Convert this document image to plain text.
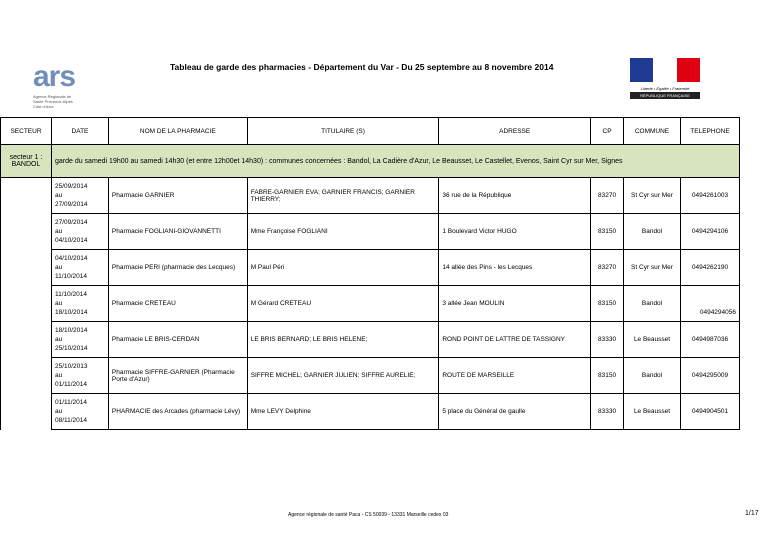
ars
Agence Régionale de Santé Provence-Alpes Côte d'Azur
Tableau de garde des pharmacies - Département du Var - Du 25 septembre au 8 novembre 2014
Liberté • Égalité • Fraternité
RÉPUBLIQUE FRANÇAISE
SECTEUR	DATE	NOM DE LA PHARMACIE	TITULAIRE (S)	ADRESSE	CP	COMMUNE	TELEPHONE
secteur 1 : BANDOL	garde du samedi 19h00 au samedi 14h30 (et entre 12h00et 14h30) : communes concernées : Bandol, La Cadière d'Azur, Le Beausset, Le Castellet, Evenos, Saint Cyr sur Mer, Signes						

	25/09/2014
au
27/09/2014	Pharmacie GARNIER	FABRE-GARNIER EVA; GARNIER FRANCIS; GARNIER THIERRY;	36 rue de la République	83270	St Cyr sur Mer	0494261003

	27/09/2014
au
04/10/2014	Pharmacie FOGLIANI-GIOVANNETTI	Mme Françoise FOGLIANI	1 Boulevard Victor HUGO	83150	Bandol	0494294106

	04/10/2014
au
11/10/2014	Pharmacie PERI (pharmacie des Lecques)	M Paul Péri	14 allée des Pins - les Lecques	83270	St Cyr sur Mer	0494262190

	11/10/2014
au
18/10/2014	Pharmacie CRETEAU	M Gérard CRETEAU	3 allée Jean MOULIN	83150	Bandol	0494294056

	18/10/2014
au
25/10/2014	Pharmacie LE BRIS-CERDAN	LE BRIS BERNARD; LE BRIS HELENE;	ROND POINT DE LATTRE DE TASSIGNY	83330	Le Beausset	0494987036

	25/10/2013
au
01/11/2014	Pharmacie SIFFRE-GARNIER (Pharmacie Porte d'Azur)	SIFFRE MICHEL; GARNIER JULIEN; SIFFRE AURELIE;	ROUTE DE MARSEILLE	83150	Bandol	0494295009

	01/11/2014
au
08/11/2014	PHARMACIE des Arcades (pharmacie Lévy)	Mme LEVY Delphine	5 place du Général de gaulle	83330	Le Beausset	0494904501
Agence régionale de santé Paca - CS 50039 - 13331 Marseille cedex 03	1/17
